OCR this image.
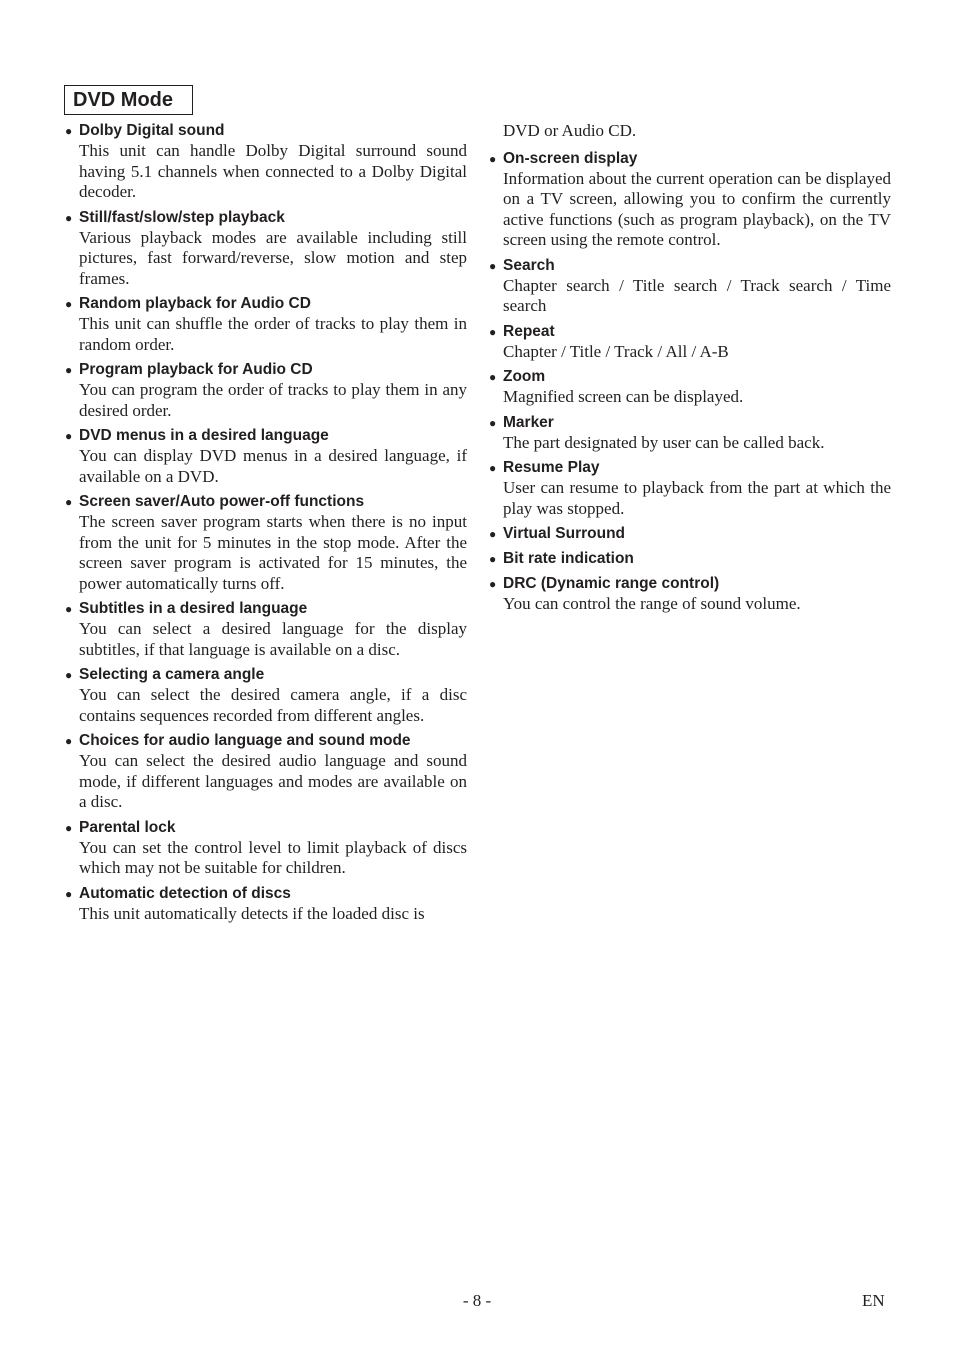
DVD Mode
● Dolby Digital sound
This unit can handle Dolby Digital surround sound having 5.1 channels when connected to a Dolby Digital decoder.
● Still/fast/slow/step playback
Various playback modes are available including still pictures, fast forward/reverse, slow motion and step frames.
● Random playback for Audio CD
This unit can shuffle the order of tracks to play them in random order.
● Program playback for Audio CD
You can program the order of tracks to play them in any desired order.
● DVD menus in a desired language
You can display DVD menus in a desired language, if available on a DVD.
● Screen saver/Auto power-off functions
The screen saver program starts when there is no input from the unit for 5 minutes in the stop mode. After the screen saver program is activated for 15 minutes, the power automatically turns off.
● Subtitles in a desired language
You can select a desired language for the display subtitles, if that language is available on a disc.
● Selecting a camera angle
You can select the desired camera angle, if a disc contains sequences recorded from different angles.
● Choices for audio language and sound mode
You can select the desired audio language and sound mode, if different languages and modes are available on a disc.
● Parental lock
You can set the control level to limit playback of discs which may not be suitable for children.
● Automatic detection of discs
This unit automatically detects if the loaded disc is
DVD or Audio CD.
● On-screen display
Information about the current operation can be displayed on a TV screen, allowing you to confirm the currently active functions (such as program playback), on the TV screen using the remote control.
● Search
Chapter search / Title search / Track search / Time search
● Repeat
Chapter / Title / Track / All / A-B
● Zoom
Magnified screen can be displayed.
● Marker
The part designated by user can be called back.
● Resume Play
User can resume to playback from the part at which the play was stopped.
● Virtual Surround
● Bit rate indication
● DRC (Dynamic range control)
You can control the range of sound volume.
- 8 -	EN
